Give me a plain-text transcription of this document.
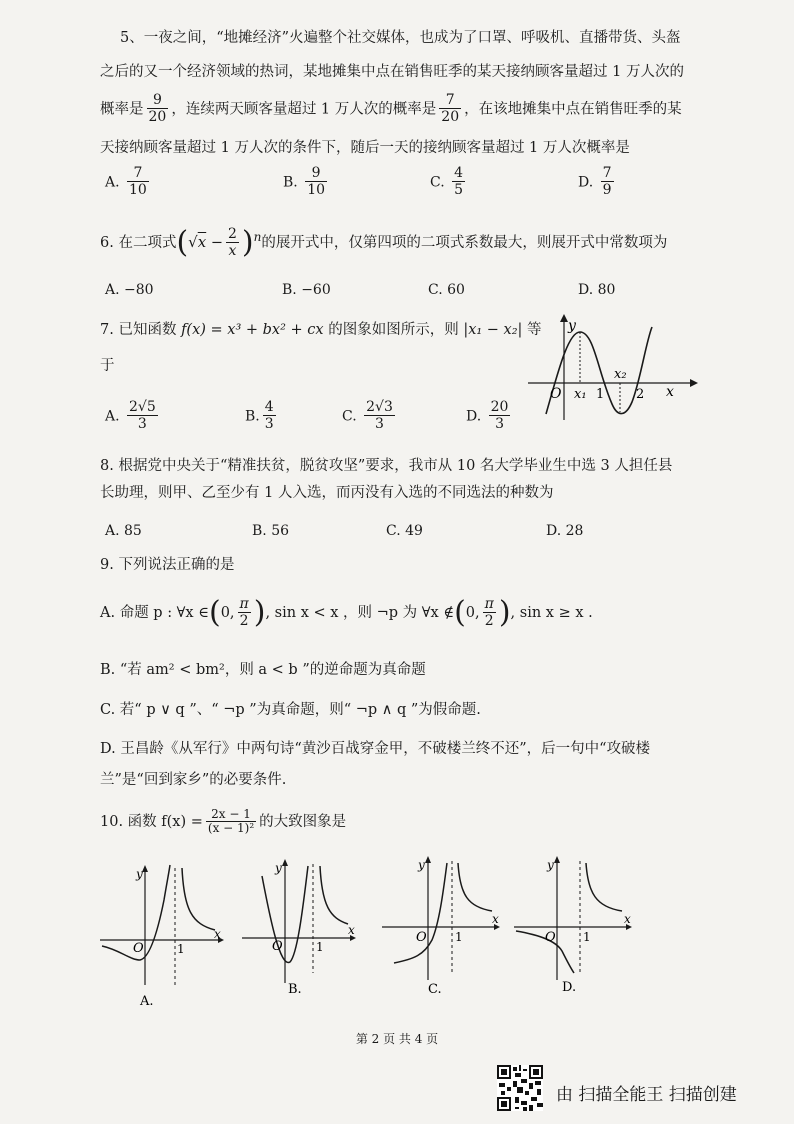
5、一夜之间，“地摊经济”火遍整个社交媒体，也成为了口罩、呼吸机、直播带货、头盔
之后的又一个经济领域的热词，某地摊集中点在销售旺季的某天接纳顾客量超过 1 万人次的
概率是 $\frac{9}{20}$ ，连续两天顾客量超过 1 万人次的概率是 $\frac{7}{20}$ ，在该地摊集中点在销售旺季的某
天接纳顾客量超过 1 万人次的条件下，随后一天的接纳顾客量超过 1 万人次概率是
A. $\frac{7}{10}$	B. $\frac{9}{10}$	C. $\frac{4}{5}$	D. $\frac{7}{9}$
6. 在二项式$(√x - \frac{2}{x} )^n$的展开式中，仅第四项的二项式系数最大，则展开式中常数项为
A. −80	B. −60	C. 60	D. 80
7. 已知函数 f(x) = x³ + bx² + cx 的图象如图所示，则 |x₁ − x₂| 等
于
A. $\frac{2√5}{3}$	B. $\frac{4}{3}$	C. $\frac{2√3}{3}$	D. $\frac{20}{3}$
y
x
O x₁ 1
x₂
2
8. 根据党中央关于“精准扶贫，脱贫攻坚”要求，我市从 10 名大学毕业生中选 3 人担任县
长助理，则甲、乙至少有 1 人入选，而丙没有入选的不同选法的种数为
A. 85	B. 56	C. 49	D. 28
9. 下列说法正确的是
A. 命题 p : ∀x ∈(0, $\frac{\pi}{2}$ ), sin x < x ，则 ¬p 为 ∀x ∉(0, $\frac{\pi}{2}$ ), sin x ≥ x .
B. “若 am² < bm²，则 a < b ”的逆命题为真命题
C. 若“ p ∨ q ”、“ ¬p ”为真命题，则“ ¬p ∧ q ”为假命题.
D. 王昌龄《从军行》中两句诗“黄沙百战穿金甲，不破楼兰终不还”，后一句中“攻破楼
兰”是“回到家乡”的必要条件.
10. 函数 $f(x) = \frac{2x - 1}{\text{(x − 1)²}}$ 的大致图象是
y
x
O	1
A.
y
x
O	1
B.
y
x
O 1
C.
y
x
O 1
D.
第 2 页 共 4 页
由 扫描全能王 扫描创建
